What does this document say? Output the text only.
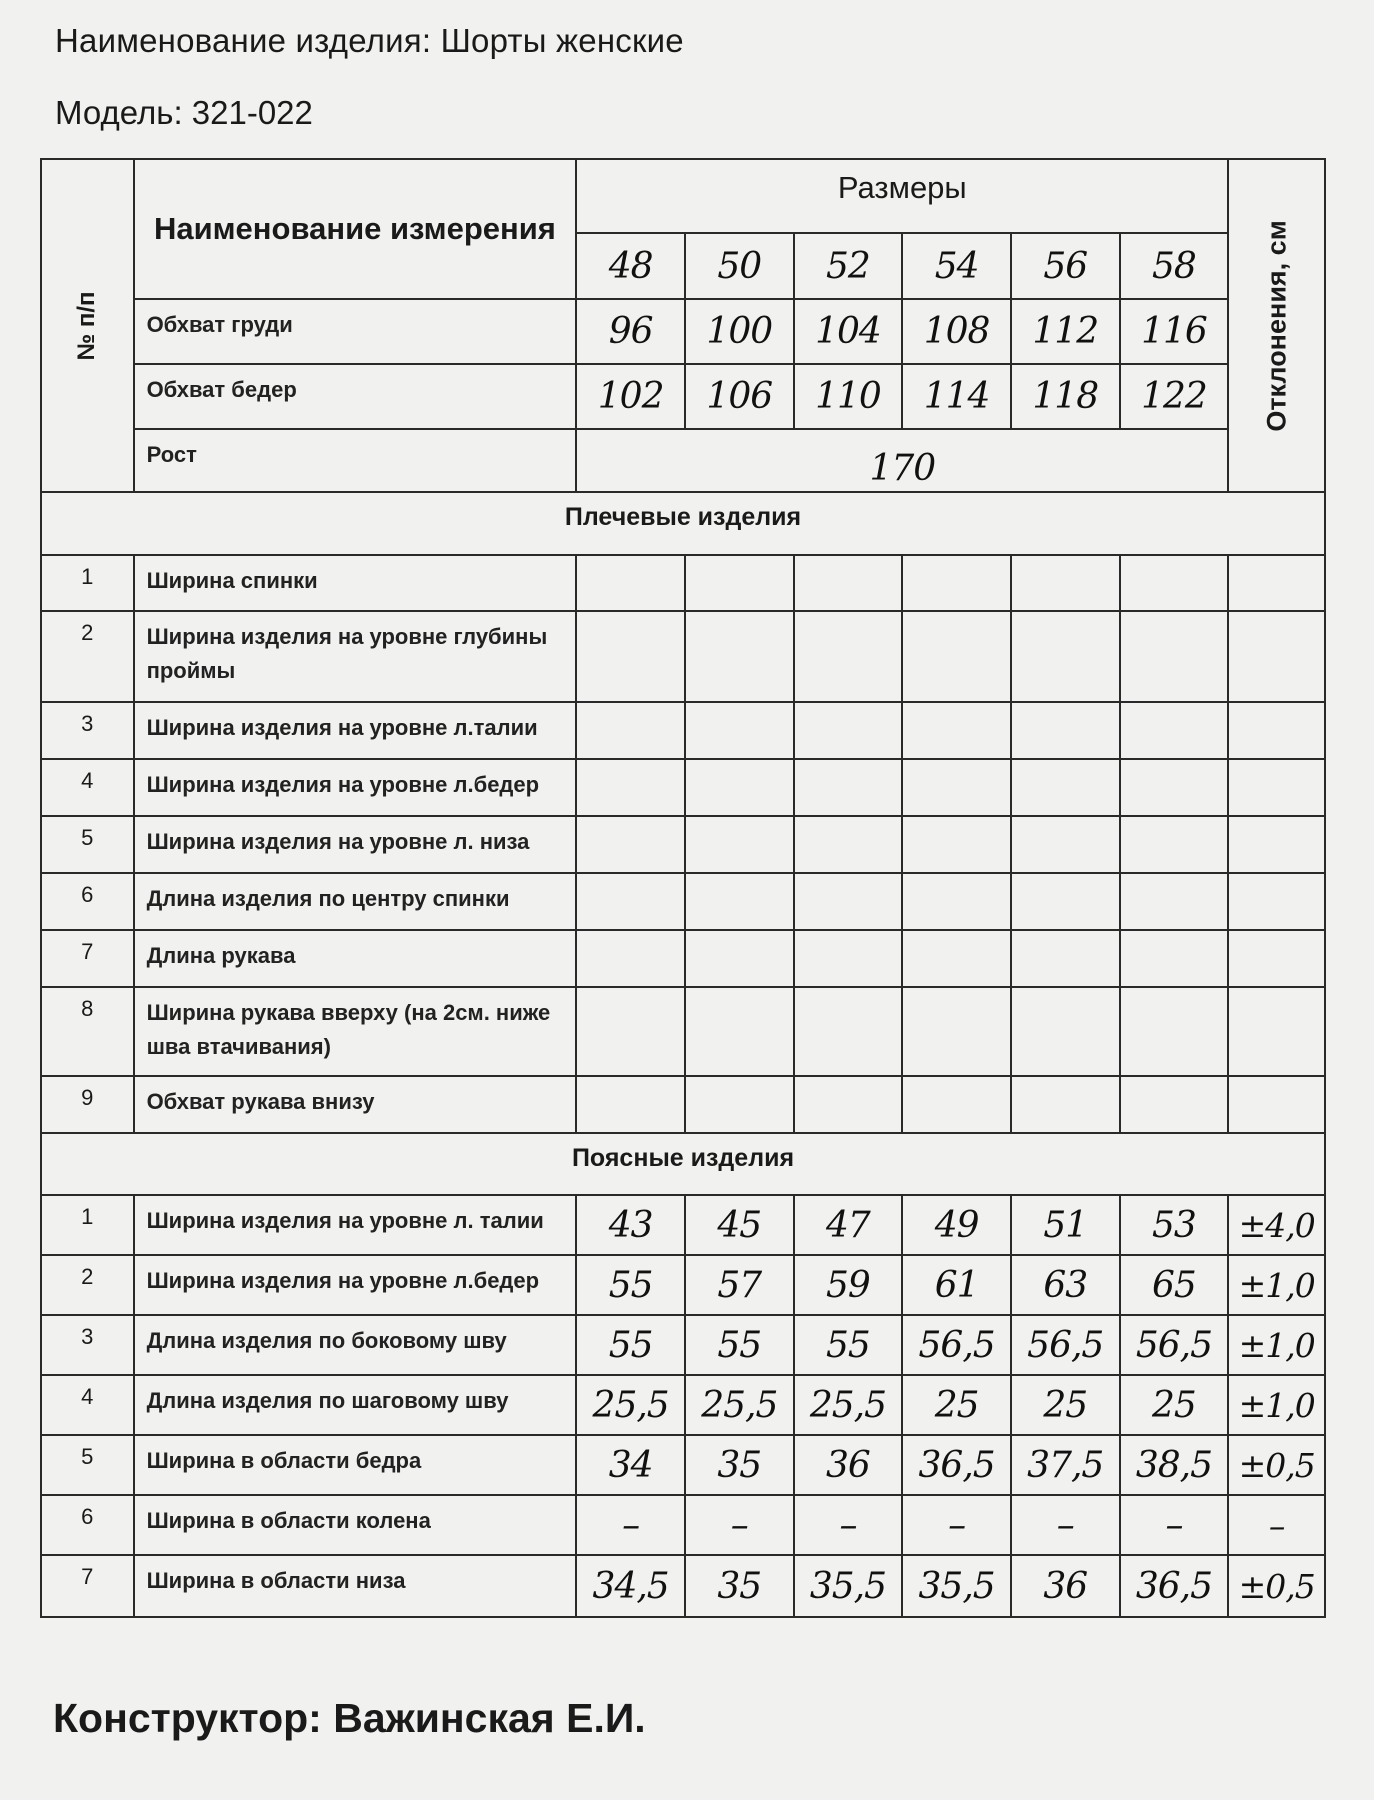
Наименование изделия: Шорты женские
Модель: 321-022
№ п/п	Наименование измерения	Размеры						Отклонения, см

		48	50	52	54	56	58	
	Обхват груди	96	100	104	108	112	116	
	Обхват бедер	102	106	110	114	118	122	
	Рост	170						
Плечевые изделия								
1	Ширина спинки							
2	Ширина изделия на уровне глубины проймы							
3	Ширина изделия на уровне л.талии							
4	Ширина изделия на уровне л.бедер							
5	Ширина изделия на уровне л. низа							
6	Длина изделия по центру спинки							
7	Длина рукава							
8	Ширина рукава вверху (на 2см. ниже шва втачивания)							
9	Обхват рукава внизу							
Поясные изделия								
1	Ширина изделия на уровне л. талии	43	45	47	49	51	53	±4,0
2	Ширина изделия на уровне л.бедер	55	57	59	61	63	65	±1,0
3	Длина изделия по боковому шву	55	55	55	56,5	56,5	56,5	±1,0
4	Длина изделия по шаговому шву	25,5	25,5	25,5	25	25	25	±1,0
5	Ширина в области бедра	34	35	36	36,5	37,5	38,5	±0,5
6	Ширина в области колена	–	–	–	–	–	–	–
7	Ширина в области низа	34,5	35	35,5	35,5	36	36,5	±0,5
Конструктор: Важинская Е.И.
